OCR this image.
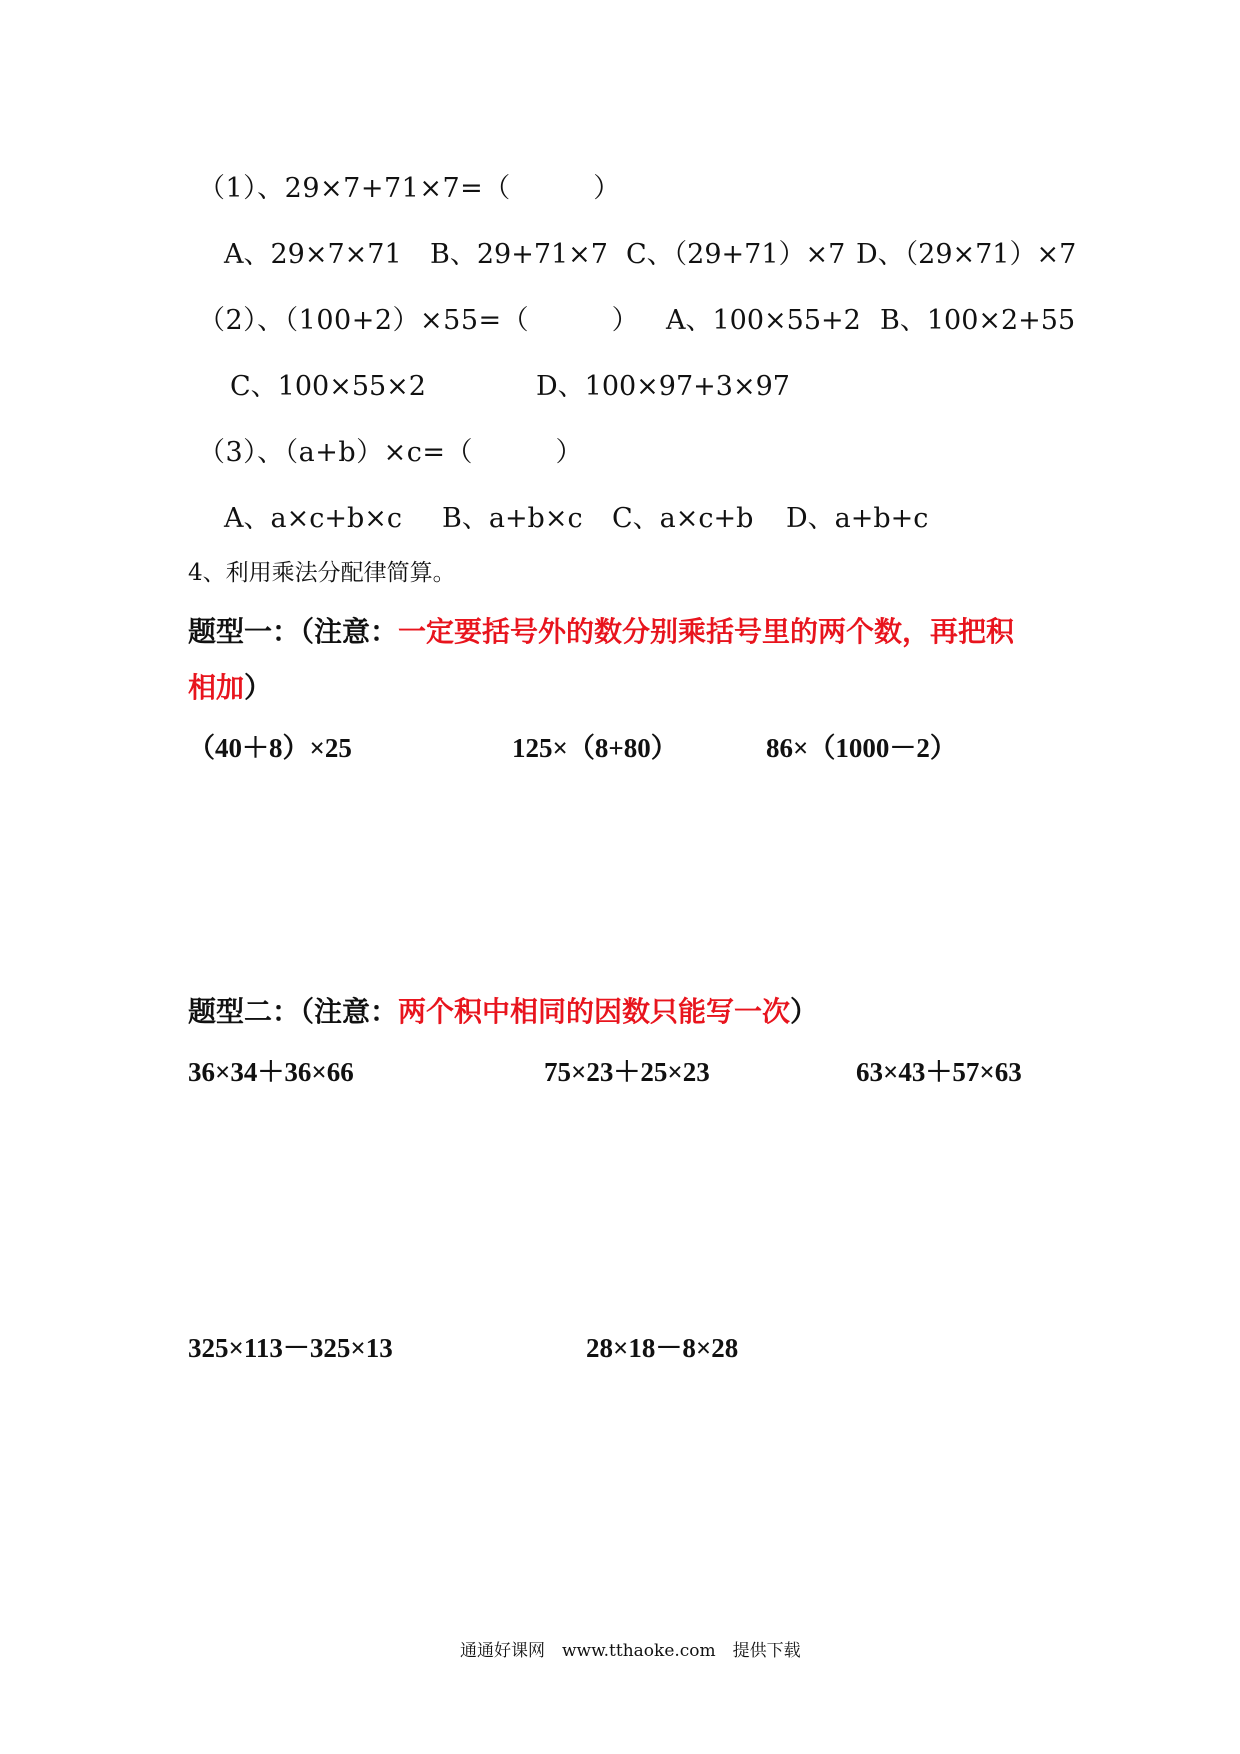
（1）、29×7+71×7=（　　　）
A、29×7×71 B、29+71×7 C、（29+71）×7 D、（29×71）×7
（2）、（100+2）×55=（　　　） A、100×55+2 B、100×2+55
C、100×55×2	D、100×97+3×97
（3）、（a+b）×c=（　　　）
A、a×c+b×c B、a+b×c C、a×c+b D、a+b+c
4、利用乘法分配律简算。
题型一：（注意：一定要括号外的数分别乘括号里的两个数，再把积
相加）
（40＋8）×25	125×（8+80）	86×（1000－2）
题型二：（注意：两个积中相同的因数只能写一次）
36×34＋36×66	75×23＋25×23	63×43＋57×63
325×113－325×13	28×18－8×28
通通好课网　www.tthaoke.com　提供下载
